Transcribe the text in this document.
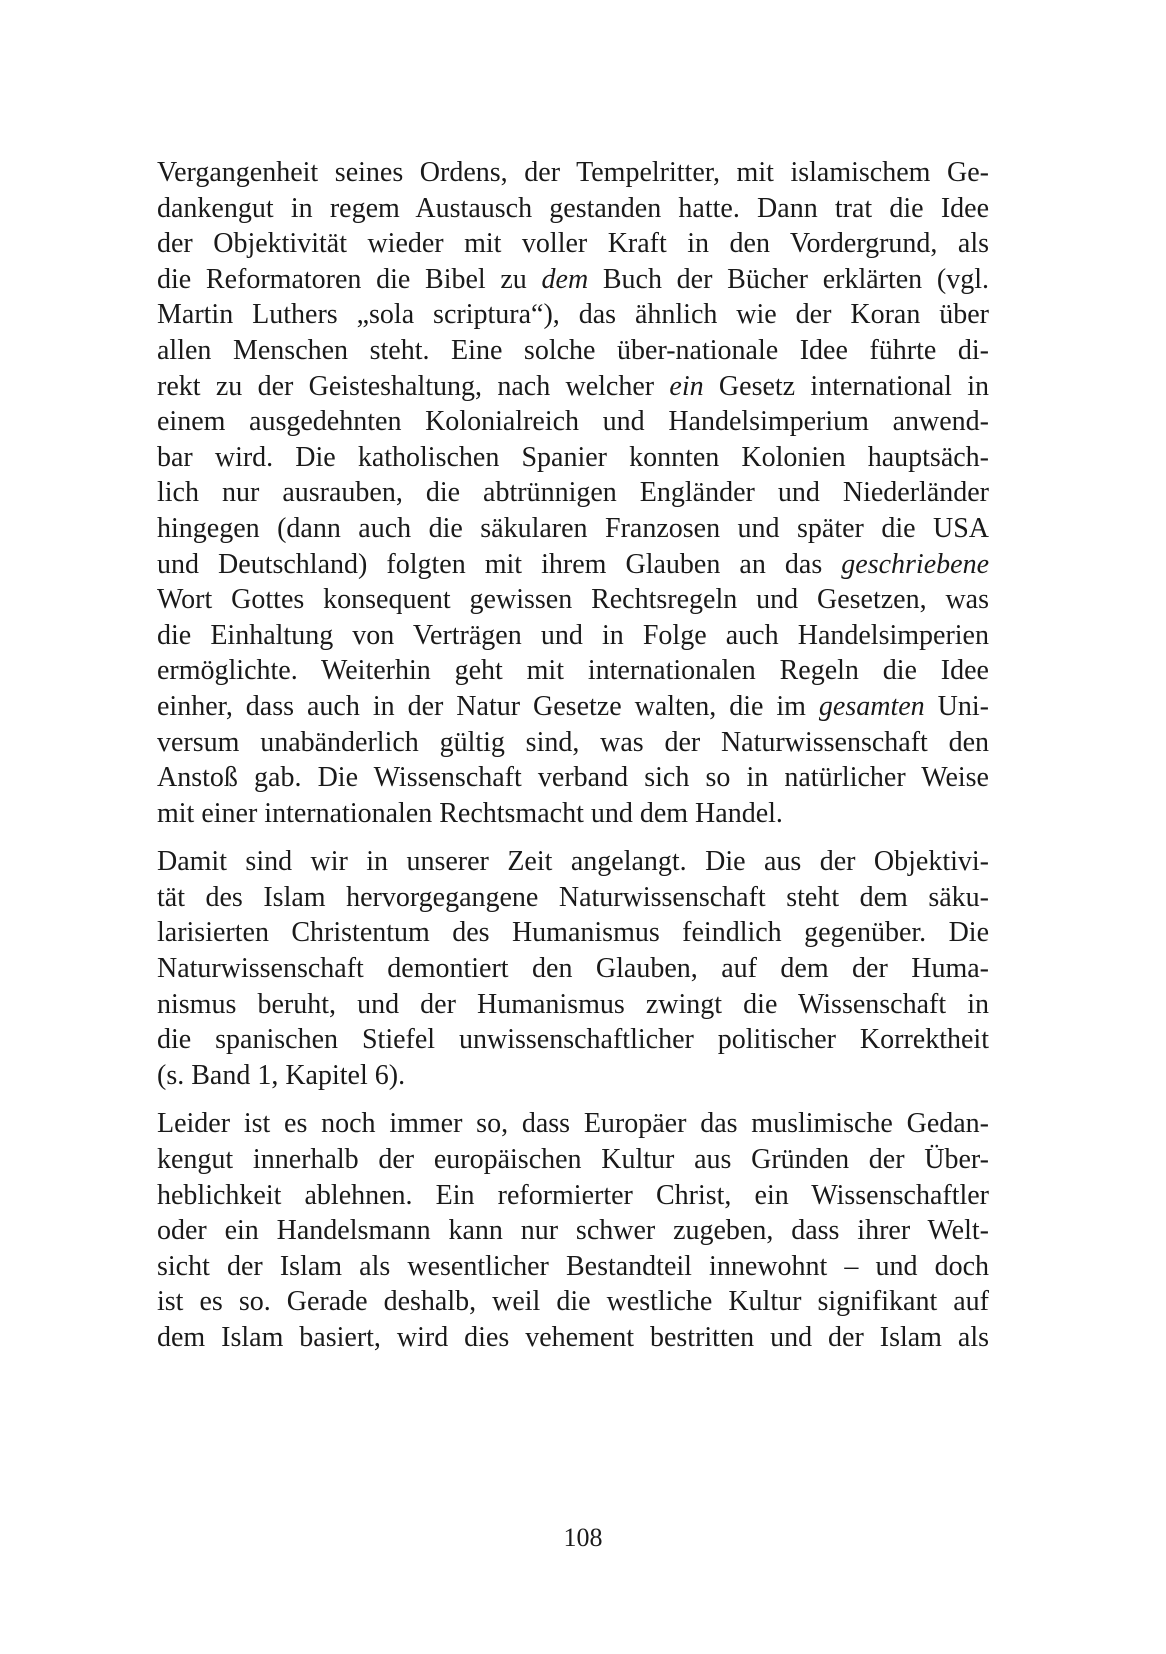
Vergangenheit seines Ordens, der Tempelritter, mit islamischem Ge-
dankengut in regem Austausch gestanden hatte. Dann trat die Idee
der Objektivität wieder mit voller Kraft in den Vordergrund, als
die Reformatoren die Bibel zu dem Buch der Bücher erklärten (vgl.
Martin Luthers „sola scriptura“), das ähnlich wie der Koran über
allen Menschen steht. Eine solche über-nationale Idee führte di-
rekt zu der Geisteshaltung, nach welcher ein Gesetz international in
einem ausgedehnten Kolonialreich und Handelsimperium anwend-
bar wird. Die katholischen Spanier konnten Kolonien hauptsäch-
lich nur ausrauben, die abtrünnigen Engländer und Niederländer
hingegen (dann auch die säkularen Franzosen und später die USA
und Deutschland) folgten mit ihrem Glauben an das geschriebene
Wort Gottes konsequent gewissen Rechtsregeln und Gesetzen, was
die Einhaltung von Verträgen und in Folge auch Handelsimperien
ermöglichte. Weiterhin geht mit internationalen Regeln die Idee
einher, dass auch in der Natur Gesetze walten, die im gesamten Uni-
versum unabänderlich gültig sind, was der Naturwissenschaft den
Anstoß gab. Die Wissenschaft verband sich so in natürlicher Weise
mit einer internationalen Rechtsmacht und dem Handel.
Damit sind wir in unserer Zeit angelangt. Die aus der Objektivi-
tät des Islam hervorgegangene Naturwissenschaft steht dem säku-
larisierten Christentum des Humanismus feindlich gegenüber. Die
Naturwissenschaft demontiert den Glauben, auf dem der Huma-
nismus beruht, und der Humanismus zwingt die Wissenschaft in
die spanischen Stiefel unwissenschaftlicher politischer Korrektheit
(s. Band 1, Kapitel 6).
Leider ist es noch immer so, dass Europäer das muslimische Gedan-
kengut innerhalb der europäischen Kultur aus Gründen der Über-
heblichkeit ablehnen. Ein reformierter Christ, ein Wissenschaftler
oder ein Handelsmann kann nur schwer zugeben, dass ihrer Welt-
sicht der Islam als wesentlicher Bestandteil innewohnt – und doch
ist es so. Gerade deshalb, weil die westliche Kultur signifikant auf
dem Islam basiert, wird dies vehement bestritten und der Islam als
108
